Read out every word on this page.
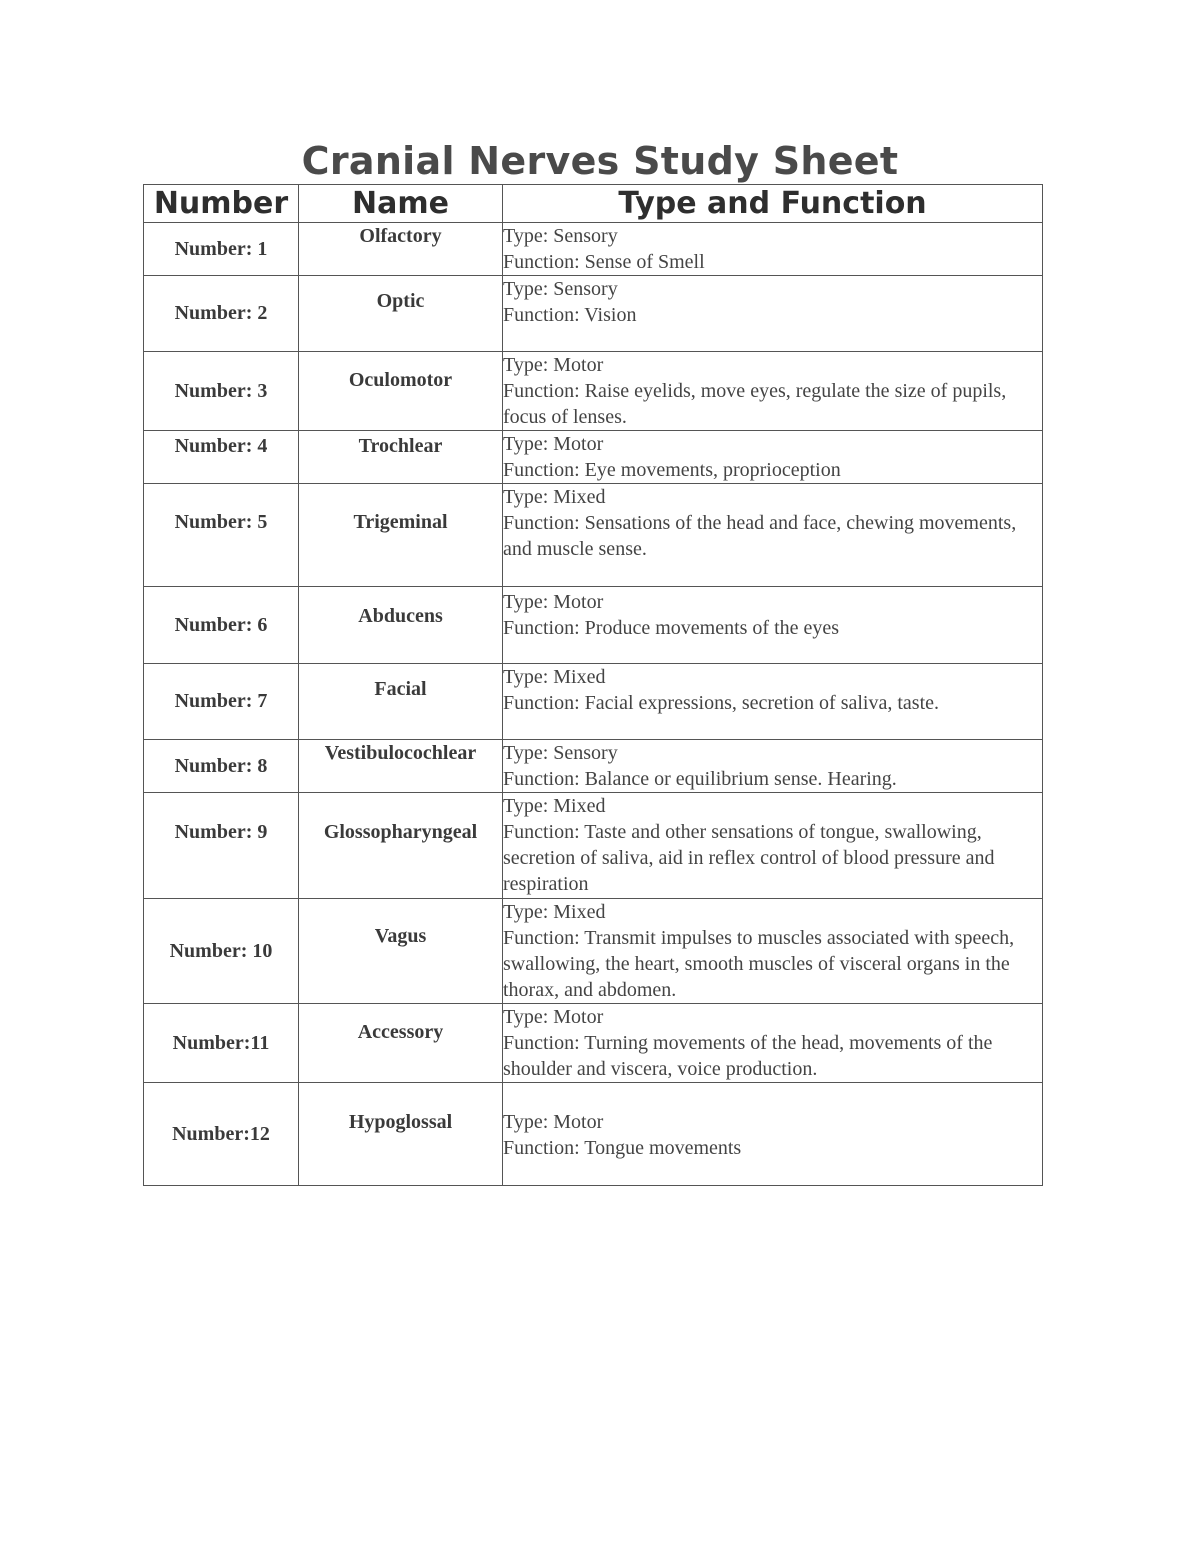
Cranial Nerves Study Sheet
Number	Name	Type and Function
Number: 1	Olfactory	Type: Sensory
Function: Sense of Smell

Number: 2	Optic	Type: Sensory
Function: Vision

Number: 3	Oculomotor	Type: Motor
Function: Raise eyelids, move eyes, regulate the size of pupils, focus of lenses.

Number: 4	Trochlear	Type: Motor
Function: Eye movements, proprioception

Number: 5	Trigeminal	Type: Mixed
Function: Sensations of the head and face, chewing movements, and muscle sense.

Number: 6	Abducens	Type: Motor
Function: Produce movements of the eyes

Number: 7	Facial	Type: Mixed
Function: Facial expressions, secretion of saliva, taste.

Number: 8	Vestibulocochlear	Type: Sensory
Function: Balance or equilibrium sense. Hearing.

Number: 9	Glossopharyngeal	Type: Mixed
Function: Taste and other sensations of tongue, swallowing, secretion of saliva, aid in reflex control of blood pressure and respiration

Number: 10	Vagus	Type: Mixed
Function: Transmit impulses to muscles associated with speech, swallowing, the heart, smooth muscles of visceral organs in the thorax, and abdomen.

Number:11	Accessory	Type: Motor
Function: Turning movements of the head, movements of the shoulder and viscera, voice production.

Number:12	Hypoglossal	Type: Motor
Function: Tongue movements
